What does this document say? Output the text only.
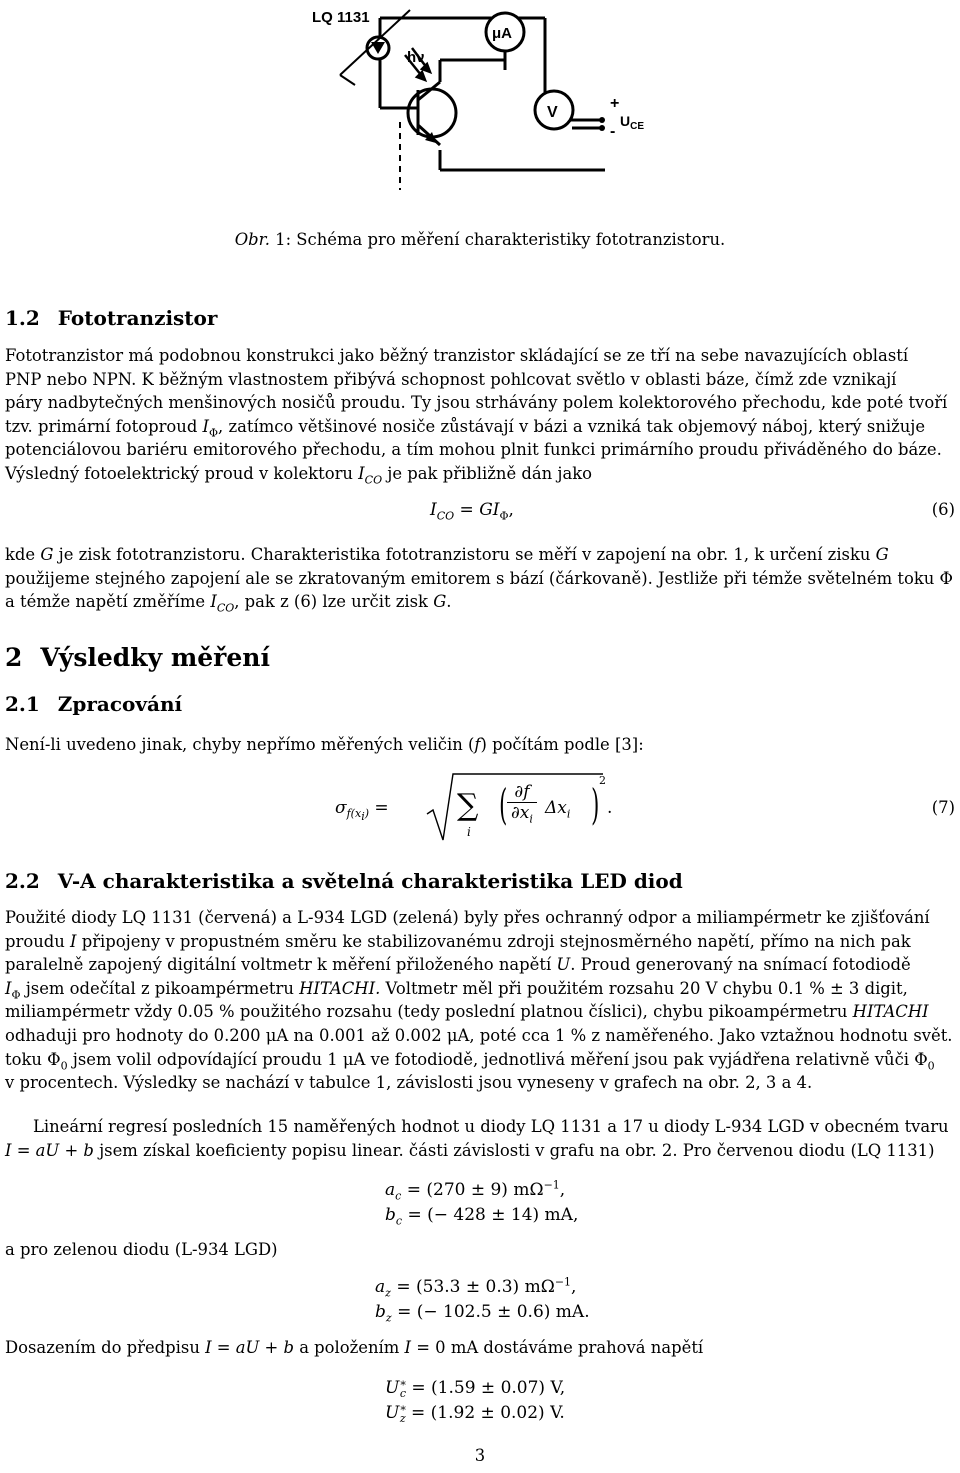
LQ 1131
hν
μA
V
+
-
$U_{CE}$
Obr. 1: Schéma pro měření charakteristiky fototranzistoru.
1.2 Fototranzistor
Fototranzistor má podobnou konstrukci jako běžný tranzistor skládající se ze tří na sebe navazujících oblastí
PNP nebo NPN. K běžným vlastnostem přibývá schopnost pohlcovat světlo v oblasti báze, čímž zde vznikají
páry nadbytečných menšinových nosičů proudu. Ty jsou strhávány polem kolektorového přechodu, kde poté tvoří
tzv. primární fotoproud $I_\Phi$, zatímco většinové nosiče zůstávají v bázi a vzniká tak objemový náboj, který snižuje
potenciálovou bariéru emitorového přechodu, a tím mohou plnit funkci primárního proudu přiváděného do báze.
Výsledný fotoelektrický proud v kolektoru $I_{CO}$ je pak přibližně dán jako
$I_{CO} = GI_\Phi$,	(6)
kde G je zisk fototranzistoru. Charakteristika fototranzistoru se měří v zapojení na obr. 1, k určení zisku G
použijeme stejného zapojení ale se zkratovaným emitorem s bází (čárkovaně). Jestliže při témže světelném toku Φ
a témže napětí změříme $I_{CO}$, pak z (6) lze určit zisk G.
2 Výsledky měření
2.1 Zpracování
Není-li uvedeno jinak, chyby nepřímo měřených veličin (f) počítám podle [3]:
$\sigma_{f(x_i)}$ = ∑
i
( $\frac{\partial f}{\partial x_i} \Delta x_i$ ) 2
.	(7)
2.2 V-A charakteristika a světelná charakteristika LED diod
Použité diody LQ 1131 (červená) a L-934 LGD (zelená) byly přes ochranný odpor a miliampérmetr ke zjišťování
proudu I připojeny v propustném směru ke stabilizovanému zdroji stejnosměrného napětí, přímo na nich pak
paralelně zapojený digitální voltmetr k měření přiloženého napětí U. Proud generovaný na snímací fotodiodě
$I_\Phi$ jsem odečítal z pikoampérmetru HITACHI. Voltmetr měl při použitém rozsahu 20 V chybu 0.1 % ± 3 digit,
miliampérmetr vždy 0.05 % použitého rozsahu (tedy poslední platnou číslici), chybu pikoampérmetru HITACHI
odhaduji pro hodnoty do 0.200 μA na 0.001 až 0.002 μA, poté cca 1 % z naměřeného. Jako vztažnou hodnotu svět.
toku $\Phi_0$ jsem volil odpovídající proudu 1 μA ve fotodiodě, jednotlivá měření jsou pak vyjádřena relativně vůči $\Phi_0$
v procentech. Výsledky se nachází v tabulce 1, závislosti jsou vyneseny v grafech na obr. 2, 3 a 4.
Lineární regresí posledních 15 naměřených hodnot u diody LQ 1131 a 17 u diody L-934 LGD v obecném tvaru
I = aU + b jsem získal koeficienty popisu linear. části závislosti v grafu na obr. 2. Pro červenou diodu (LQ 1131)
$a_c = (270 \pm 9)$ $m\Omega^{-1}$,
$b_c$ = (− 428 ± 14) mA,
a pro zelenou diodu (L-934 LGD)
$a_z = (53.3 \pm 0.3)$ $m\Omega^{-1}$,
$b_z$ = (− 102.5 ± 0.6) mA.
Dosazením do předpisu I = aU + b a položením I = 0 mA dostáváme prahová napětí
$U^∗_c = (1.59 \pm 0.07)$ V,
$U^∗_z = (1.92 \pm 0.02)$ V.
3
